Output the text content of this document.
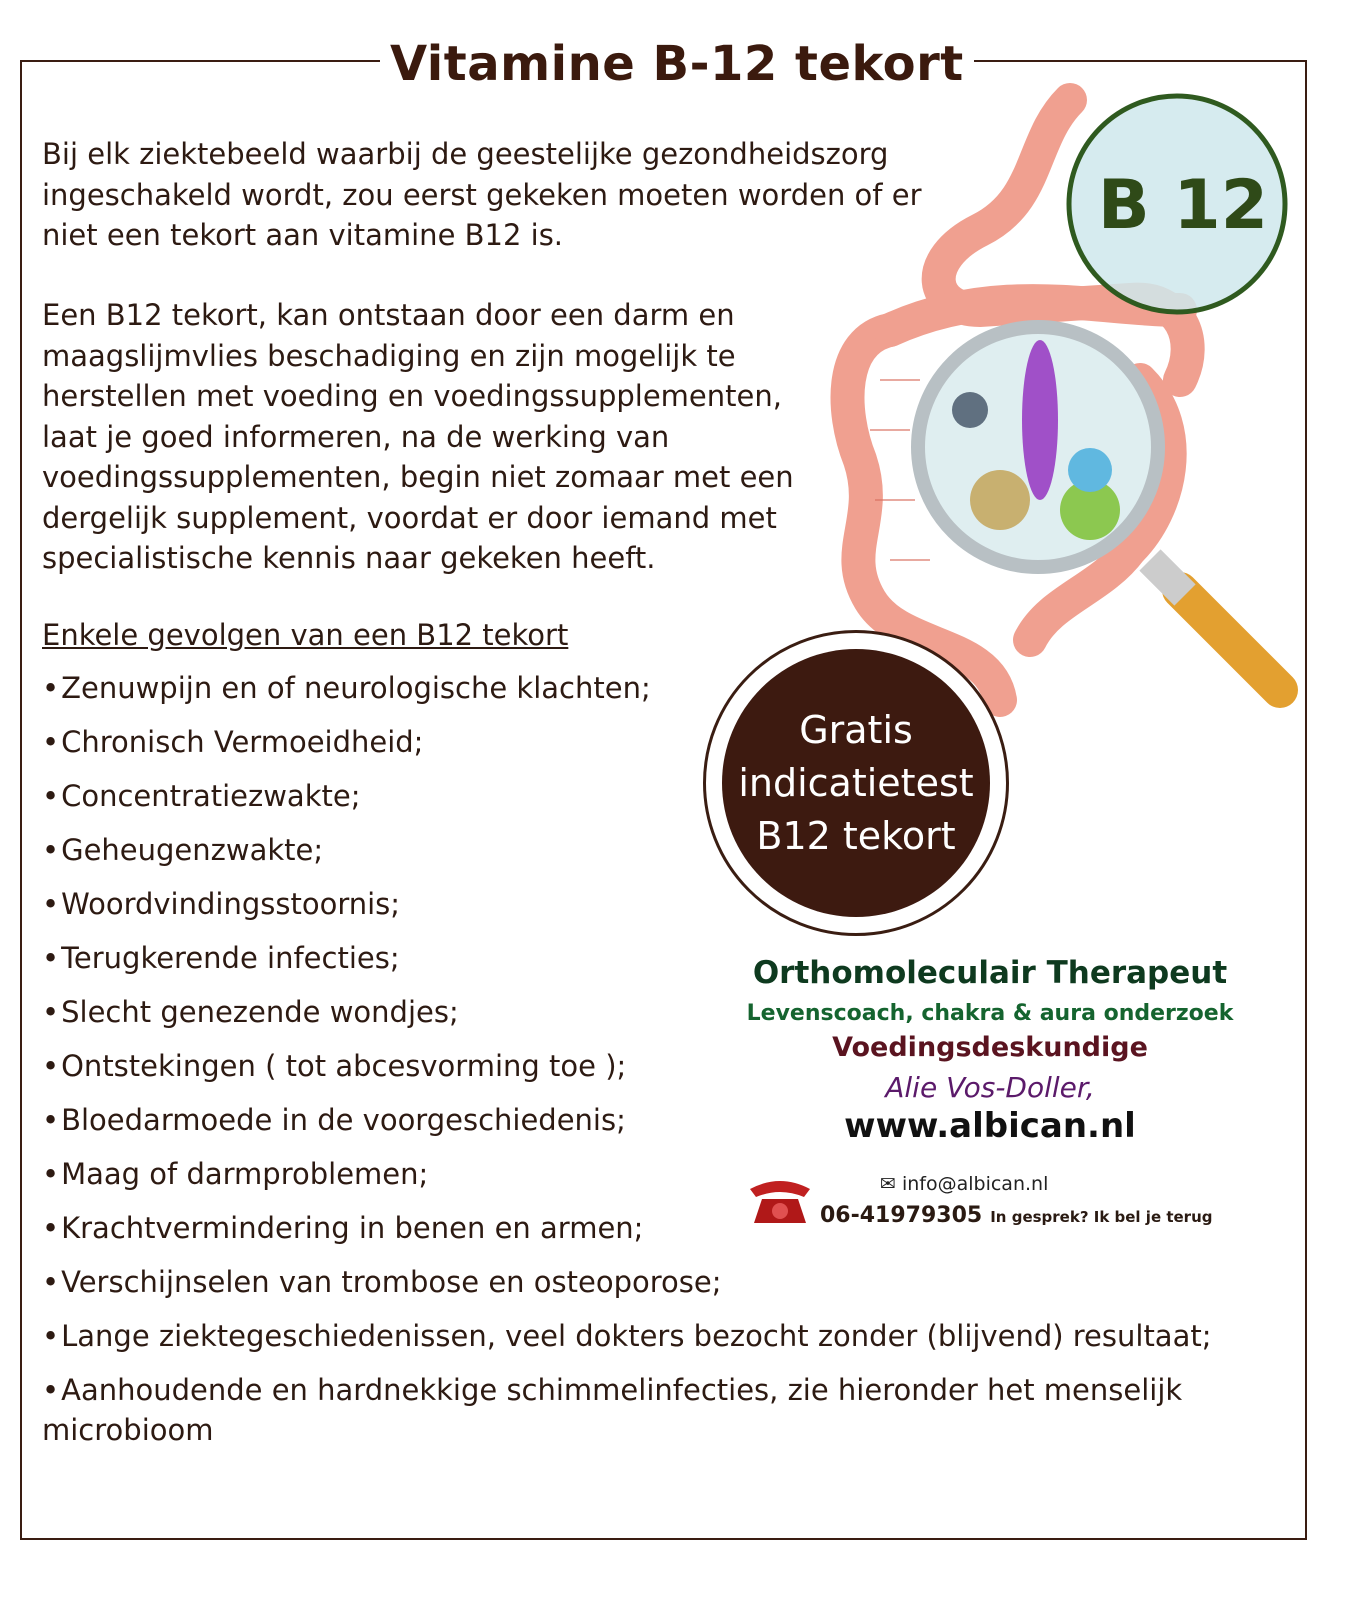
Vitamine B-12 tekort

Bij elk ziektebeeld waarbij de geestelijke gezondheidszorg ingeschakeld wordt, zou eerst gekeken moeten worden of er niet een tekort aan vitamine B12 is.

Een B12 tekort, kan ontstaan door een darm en maagslijmvlies beschadiging en zijn mogelijk te herstellen met voeding en voedingssupplementen, laat je goed informeren, na de werking van voedingssupplementen, begin niet zomaar met een dergelijk supplement, voordat er door iemand met specialistische kennis naar gekeken heeft.

Enkele gevolgen van een B12 tekort
• Zenuwpijn en of neurologische klachten;
• Chronisch Vermoeidheid;
• Concentratiezwakte;
• Geheugenzwakte;
• Woordvindingsstoornis;
• Terugkerende infecties;
• Slecht genezende wondjes;
• Ontstekingen ( tot abcesvorming toe );
• Bloedarmoede in de voorgeschiedenis;
• Maag of darmproblemen;
• Krachtvermindering in benen en armen;
• Verschijnselen van trombose en osteoporose;
• Lange ziektegeschiedenissen, veel dokters bezocht zonder (blijvend) resultaat;
• Aanhoudende en hardnekkige schimmelinfecties, zie hieronder het menselijk microbioom
B 12
Gratis
indicatietest
B12 tekort
Orthomoleculair Therapeut
Levenscoach, chakra & aura onderzoek
Voedingsdeskundige
Alie Vos-Doller,
www.albican.nl
✉ info@albican.nl
06-41979305 In gesprek? Ik bel je terug
